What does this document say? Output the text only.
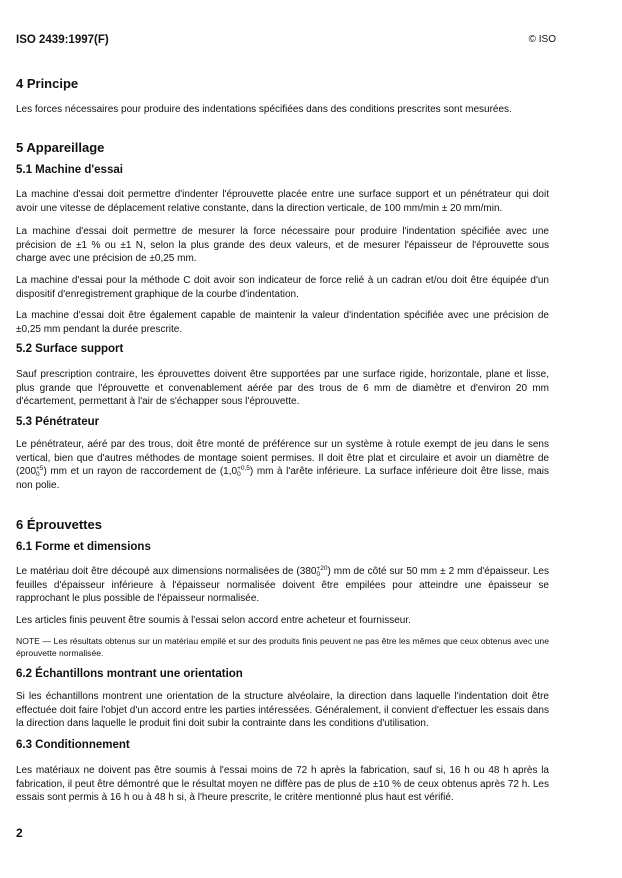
ISO 2439:1997(F)	© ISO
4 Principe

Les forces nécessaires pour produire des indentations spécifiées dans des conditions prescrites sont mesurées.

5 Appareillage
5.1 Machine d'essai

La machine d'essai doit permettre d'indenter l'éprouvette placée entre une surface support et un pénétrateur qui doit avoir une vitesse de déplacement relative constante, dans la direction verticale, de 100 mm/min ± 20 mm/min.

La machine d'essai doit permettre de mesurer la force nécessaire pour produire l'indentation spécifiée avec une précision de ±1 % ou ±1 N, selon la plus grande des deux valeurs, et de mesurer l'épaisseur de l'éprouvette sous charge avec une précision de ±0,25 mm.

La machine d'essai pour la méthode C doit avoir son indicateur de force relié à un cadran et/ou doit être équipée d'un dispositif d'enregistrement graphique de la courbe d'indentation.

La machine d'essai doit être également capable de maintenir la valeur d'indentation spécifiée avec une précision de ±0,25 mm pendant la durée prescrite.

5.2 Surface support

Sauf prescription contraire, les éprouvettes doivent être supportées par une surface rigide, horizontale, plane et lisse, plus grande que l'éprouvette et convenablement aérée par des trous de 6 mm de diamètre et d'environ 20 mm d'écartement, permettant à l'air de s'échapper sous l'éprouvette.

5.3 Pénétrateur

Le pénétrateur, aéré par des trous, doit être monté de préférence sur un système à rotule exempt de jeu dans le sens vertical, bien que d'autres méthodes de montage soient permises. Il doit être plat et circulaire et avoir un diamètre de (200 +5
0 ) mm et un rayon de raccordement de (1,0 +0,5
0 ) mm à l'arête inférieure. La surface inférieure doit être lisse, mais non polie.

6 Éprouvettes
6.1 Forme et dimensions

Le matériau doit être découpé aux dimensions normalisées de (380 +20
0 ) mm de côté sur 50 mm ± 2 mm d'épaisseur. Les feuilles d'épaisseur inférieure à l'épaisseur normalisée doivent être empilées pour atteindre une épaisseur se rapprochant le plus possible de l'épaisseur normalisée.

Les articles finis peuvent être soumis à l'essai selon accord entre acheteur et fournisseur.

NOTE — Les résultats obtenus sur un matériau empilé et sur des produits finis peuvent ne pas être les mêmes que ceux obtenus avec une éprouvette normalisée.

6.2 Échantillons montrant une orientation

Si les échantillons montrent une orientation de la structure alvéolaire, la direction dans laquelle l'indentation doit être effectuée doit faire l'objet d'un accord entre les parties intéressées. Généralement, il convient d'effectuer les essais dans la direction dans laquelle le produit fini doit subir la contrainte dans les conditions d'utilisation.

6.3 Conditionnement

Les matériaux ne doivent pas être soumis à l'essai moins de 72 h après la fabrication, sauf si, 16 h ou 48 h après la fabrication, il peut être démontré que le résultat moyen ne diffère pas de plus de ±10 % de ceux obtenus après 72 h. Les essais sont permis à 16 h ou à 48 h si, à l'heure prescrite, le critère mentionné plus haut est vérifié.

2
